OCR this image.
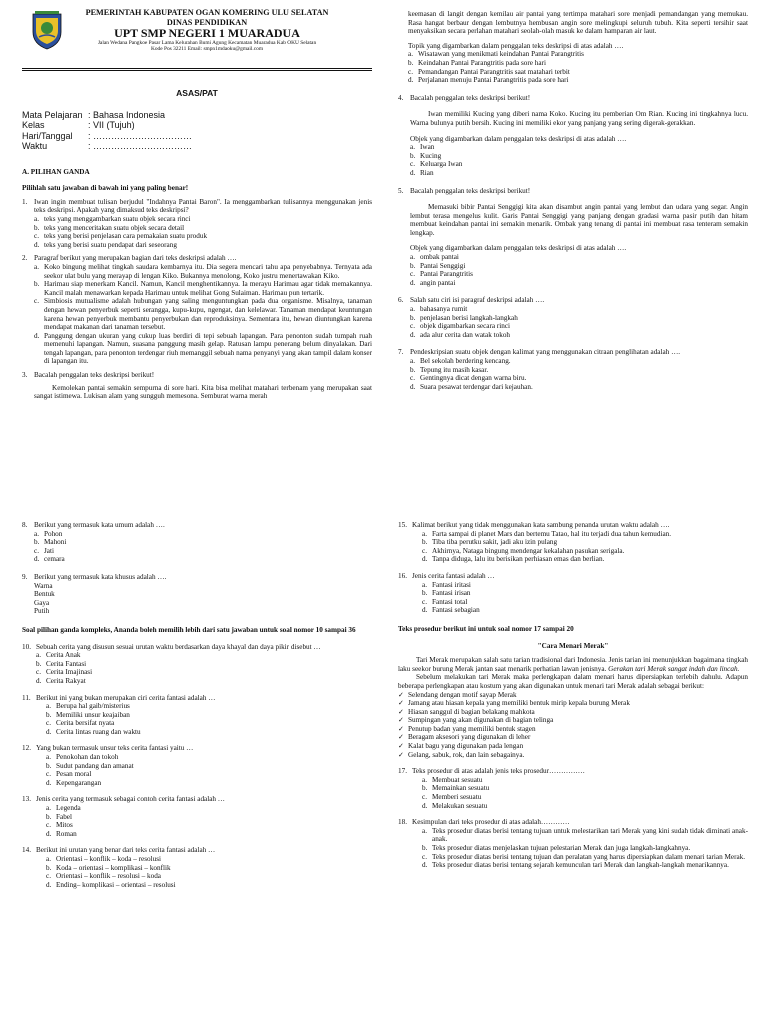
PEMERINTAH KABUPATEN OGAN KOMERING ULU SELATAN
DINAS PENDIDIKAN
UPT SMP NEGERI 1 MUARADUA
Jalan Wedana Pangkoe Pasar Lama Kelurahan Bumi Agung Kecamatan Muaradua Kab OKU Selatan
Kode Pos 32211 Email: smpn1mdaoku@gmail.com
ASAS/PAT
Mata Pelajaran : Bahasa Indonesia
Kelas	: VII (Tujuh)
Hari/Tanggal	: ……………………………
Waktu	: ……………………………
A. PILIHAN GANDA
Pilihlah satu jawaban di bawah ini yang paling benar!
1. Iwan ingin membuat tulisan berjudul "Indahnya Pantai Baron". Ia menggambarkan tulisannya menggunakan jenis teks deskripsi. Apakah yang dimaksud teks deskripsi?
a. teks yang menggambarkan suatu objek secara rinci
b. teks yang menceritakan suatu objek secara detail
c. teks yang berisi penjelasan cara pemakaian suatu produk
d. teks yang berisi suatu pendapat dari seseorang
2. Paragraf berikut yang merupakan bagian dari teks deskripsi adalah ….
a. Koko bingung melihat tingkah saudara kembarnya itu. Dia segera mencari tahu apa penyebabnya. Ternyata ada seekor ulat bulu yang merayap di lengan Kiko. Bukannya menolong, Koko justru menertawakan Kiko.
b. Harimau siap menerkam Kancil. Namun, Kancil menghentikannya. Ia merayu Harimau agar tidak memakannya. Kancil malah menawarkan kepada Harimau untuk melihat Gong Sulaiman. Harimau pun tertarik.
c. Simbiosis mutualisme adalah hubungan yang saling menguntungkan pada dua organisme. Misalnya, tanaman dengan hewan penyerbuk seperti serangga, kupu-kupu, ngengat, dan kelelawar. Tanaman mendapat keuntungan karena hewan penyerbuk membantu penyerbukan dan reproduksinya. Sementara itu, hewan diuntungkan karena mendapat makanan dari tanaman tersebut.
d. Panggung dengan ukuran yang cukup luas berdiri di tepi sebuah lapangan. Para penonton sudah tumpah ruah memenuhi lapangan. Namun, suasana panggung masih gelap. Ratusan lampu penerang belum dinyalakan. Dari tengah lapangan, para penonton terdengar riuh memanggil sebuah nama penyanyi yang akan tampil dalam konser di lapangan itu.
3. Bacalah penggalan teks deskripsi berikut!
Kemolekan pantai semakin sempurna di sore hari. Kita bisa melihat matahari terbenam yang merupakan saat sangat istimewa. Lukisan alam yang sungguh memesona. Semburat warna merah
keemasan di langit dengan kemilau air pantai yang tertimpa matahari sore menjadi pemandangan yang memukau. Rasa hangat berbaur dengan lembutnya hembusan angin sore melingkupi seluruh tubuh. Kita seperti tersihir saat menyaksikan secara perlahan matahari seolah-olah masuk ke dalam hamparan air laut.
Topik yang digambarkan dalam penggalan teks deskripsi di atas adalah ….
a. Wisatawan yang menikmati keindahan Pantai Parangtritis
b. Keindahan Pantai Parangtritis pada sore hari
c. Pemandangan Pantai Parangtritis saat matahari terbit
d. Perjalanan menuju Pantai Parangtritis pada sore hari
4. Bacalah penggalan teks deskripsi berikut!
Iwan memiliki Kucing yang diberi nama Koko. Kucing itu pemberian Om Rian. Kucing ini tingkahnya lucu. Warna bulunya putih bersih. Kucing ini memiliki ekor yang panjang yang sering digerak-gerakkan.
Objek yang digambarkan dalam penggalan teks deskripsi di atas adalah ….
a. Iwan
b. Kucing
c. Keluarga Iwan
d. Rian
5. Bacalah penggalan teks deskripsi berikut!
Memasuki bibir Pantai Senggigi kita akan disambut angin pantai yang lembut dan udara yang segar. Angin lembut terasa mengelus kulit. Garis Pantai Senggigi yang panjang dengan gradasi warna pasir putih dan hitam membuat keindahan pantai ini semakin menarik. Ombak yang tenang di pantai ini membuat rasa tenteram semakin lengkap.
Objek yang digambarkan dalam penggalan teks deskripsi di atas adalah ….
a. ombak pantai
b. Pantai Senggigi
c. Pantai Parangtritis
d. angin pantai
6. Salah satu ciri isi paragraf deskripsi adalah ….
a. bahasanya rumit
b. penjelasan berisi langkah-langkah
c. objek digambarkan secara rinci
d. ada alur cerita dan watak tokoh
7. Pendeskripsian suatu objek dengan kalimat yang menggunakan citraan penglihatan adalah ….
a. Bel sekolah berdering kencang.
b. Tepung itu masih kasar.
c. Gentingnya dicat dengan warna biru.
d. Suara pesawat terdengar dari kejauhan.
8. Berikut yang termasuk kata umum adalah ….
a. Pohon
b. Mahoni
c. Jati
d. cemara
9. Berikut yang termasuk kata khusus adalah ….
Warna
Bentuk
Gaya
Putih
Soal pilihan ganda kompleks, Ananda boleh memilih lebih dari satu jawaban untuk soal nomor 10 sampai 36
10. Sebuah cerita yang disusun sesuai urutan waktu berdasarkan daya khayal dan daya pikir disebut …
a. Cerita Anak
b. Cerita Fantasi
c. Cerita Imajinasi
d. Cerita Rakyat
11. Berikut ini yang bukan merupakan ciri cerita fantasi adalah …
a. Berupa hal gaib/misterius
b. Memiliki unsur keajaiban
c. Cerita bersifat nyata
d. Cerita lintas ruang dan waktu
12. Yang bukan termasuk unsur teks cerita fantasi yaitu …
a. Penokohan dan tokoh
b. Sudut pandang dan amanat
c. Pesan moral
d. Kepengarangan
13. Jenis cerita yang termasuk sebagai contoh cerita fantasi adalah …
a. Legenda
b. Fabel
c. Mitos
d. Roman
14. Berikut ini urutan yang benar dari teks cerita fantasi adalah …
a. Orientasi – konflik – koda – resolusi
b. Koda – orientasi – komplikasi – konflik
c. Orientasi – konflik – resolusi – koda
d. Ending– komplikasi – orientasi – resolusi
15. Kalimat berikut yang tidak menggunakan kata sambung penanda urutan waktu adalah ….
a. Farta sampai di planet Mars dan bertemu Tatao, hal itu terjadi dua tahun kemudian.
b. Tiba tiba perutku sakit, jadi aku izin pulang
c. Akhirnya, Nataga bingung mendengar kekalahan pasukan serigala.
d. Tanpa diduga, lalu itu berisikan perhiasan emas dan berlian.
16. Jenis cerita fantasi adalah …
a. Fantasi iritasi
b. Fantasi irisan
c. Fantasi total
d. Fantasi sebagian
Teks prosedur berikut ini untuk soal nomor 17 sampai 20
"Cara Menari Merak"
Tari Merak merupakan salah satu tarian tradisional dari Indonesia. Jenis tarian ini menunjukkan bagaimana tingkah laku seekor burung Merak jantan saat menarik perhatian lawan jenisnya. Gerakan tari Merak sangat indah dan lincah.
Sebelum melakukan tari Merak maka perlengkapan dalam menari harus dipersiapkan terlebih dahulu. Adapun beberapa perlengkapan atau kostum yang akan digunakan untuk menari tari Merak adalah sebagai berikut:
✓ Selendang dengan motif sayap Merak
✓ Jamang atau hiasan kepala yang memiliki bentuk mirip kepala burung Merak
✓ Hiasan sanggul di bagian belakang mahkota
✓ Sumpingan yang akan digunakan di bagian telinga
✓ Penutup badan yang memiliki bentuk stagen
✓ Beragam aksesori yang digunakan di leher
✓ Kalat bagu yang digunakan pada lengan
✓ Gelang, sabuk, rok, dan lain sebagainya.
17. Teks prosedur di atas adalah jenis teks prosedur……………
a. Membuat sesuatu
b. Memainkan sesuatu
c. Memberi sesuatu
d. Melakukan sesuatu
18. Kesimpulan dari teks prosedur di atas adalah…………
a. Teks prosedur diatas berisi tentang tujuan untuk melestarikan tari Merak yang kini sudah tidak diminati anak-anak.
b. Teks prosedur diatas menjelaskan tujuan pelestarian Merak dan juga langkah-langkahnya.
c. Teks prosedur diatas berisi tentang tujuan dan peralatan yang harus dipersiapkan dalam menari tarian Merak.
d. Teks prosedur diatas berisi tentang sejarah kemunculan tari Merak dan langkah-langkah menarikannya.
